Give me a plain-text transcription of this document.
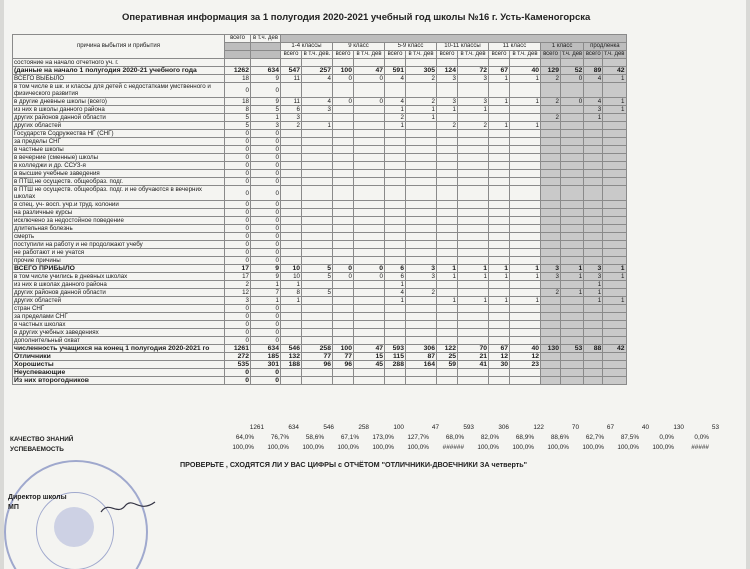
Оперативная информация за 1 полугодия 2020-2021 учебный год школы №16 г. Усть-Каменогорска
причина выбытия и прибытия	всего	в т.ч. дев														
			1-4 классы		9 класс		5-9 класс		10-11 классы		11 класс		1 класс		продленка	
			всего	в т.ч. дев.	всего	в т.ч. дев	всего	в т.ч. дев	всего	в т.ч. дев	всего	в т.ч. дев	всего	т.ч. дев	всего	т.ч. дев
состояние на начало отчетного уч. г.																
(данные на начало 1 полугодия 2020-21 учебного года	1262	634	547	257	100	47	591	305	124	72	67	40	129	52	89	42
ВСЕГО ВЫБЫЛО	18	9	11	4	0	0	4	2	3	3	1	1	2	0	4	1
в том числе в шк. и классы для детей с недостатками умственного и физического развития	0	0														
в другие дневные школы (всего)	18	9	11	4	0	0	4	2	3	3	1	1	2	0	4	1
из них в школы данного района	8	5	6	3			1	1	1	1					3	1
других районов данной области	5	1	3				2	1					2		1	
других областей	5	3	2	1			1		2	2	1	1				
Государств Содружества НГ (СНГ)	0	0														
за пределы СНГ	0	0														
в частные школы	0	0														
в вечерние (сменные) школы	0	0														
в колледжи и др. ССУЗ-я	0	0														
в высшие учебные заведения	0	0														
в ПТШ,не осуществ. общеобраз. подг.	0	0														
в ПТШ не осуществ. общеобраз. подг. и не обучаются в вечерних школах	0	0														
в спец. уч- восп. учр.и труд. колонии	0	0														
на различные курсы	0	0														
исключено за недостойное поведение	0	0														
длительная болезнь	0	0														
смерть	0	0														
поступили на работу и не продолжают учебу	0	0														
не работают и не учатся	0	0														
прочие причины	0	0														
ВСЕГО ПРИБЫЛО	17	9	10	5	0	0	6	3	1	1	1	1	3	1	3	1
в том числе учились в дневных школах	17	9	10	5	0	0	6	3	1	1	1	1	3	1	3	1
из них в школах данного района	2	1	1				1								1	
других районов данной области	12	7	8	5			4	2					2	1	1	
других областей	3	1	1				1		1	1	1	1			1	1
стран СНГ	0	0														
за пределами СНГ	0	0														
в частных школах	0	0														
в других учебных заведениях	0	0														
дополнительный охват	0	0														
численность учащихся на конец 1 полугодия 2020-2021 го	1261	634	546	258	100	47	593	306	122	70	67	40	130	53	88	42
Отличники	272	185	132	77	77	15	115	87	25	21	12	12				
Хорошисты	535	301	188	96	96	45	288	164	59	41	30	23				
Неуспевающие	0	0														
Из них второгодников	0	0														
КАЧЕСТВО ЗНАНИЙ
УСПЕВАЕМОСТЬ
1261	634	546	258	100	47	593	306	122	70	67	40	130	53
64,0%	76,7%	58,6%	67,1% 173,0% 127,7%	68,0%	82,0%	68,9%	88,6%	62,7%	87,5%	0,0%	0,0%
100,0% 100,0% 100,0% 100,0% 100,0% 100,0% ###### 100,0% 100,0% 100,0% 100,0% 100,0% 100,0%	#####
ПРОВЕРЬТЕ , СХОДЯТСЯ ЛИ У ВАС ЦИФРЫ с ОТЧЁТОМ "ОТЛИЧНИКИ-ДВОЕЧНИКИ ЗА четверть"
Директор школы
МП
